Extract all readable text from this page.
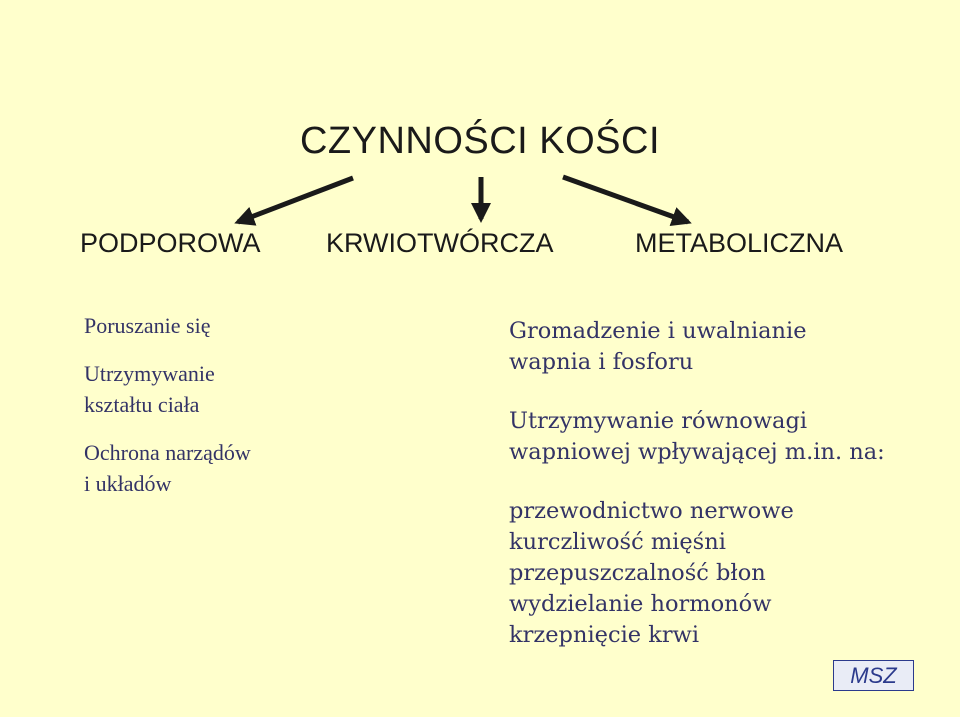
CZYNNOŚCI KOŚCI
PODPOROWA KRWIOTWÓRCZA	METABOLICZNA
Poruszanie się
Utrzymywanie
kształtu ciała
Ochrona narządów
i układów
Gromadzenie i uwalnianie
wapnia i fosforu
Utrzymywanie równowagi
wapniowej wpływającej m.in. na:
przewodnictwo nerwowe
kurczliwość mięśni
przepuszczalność błon
wydzielanie hormonów
krzepnięcie krwi
MSZ
